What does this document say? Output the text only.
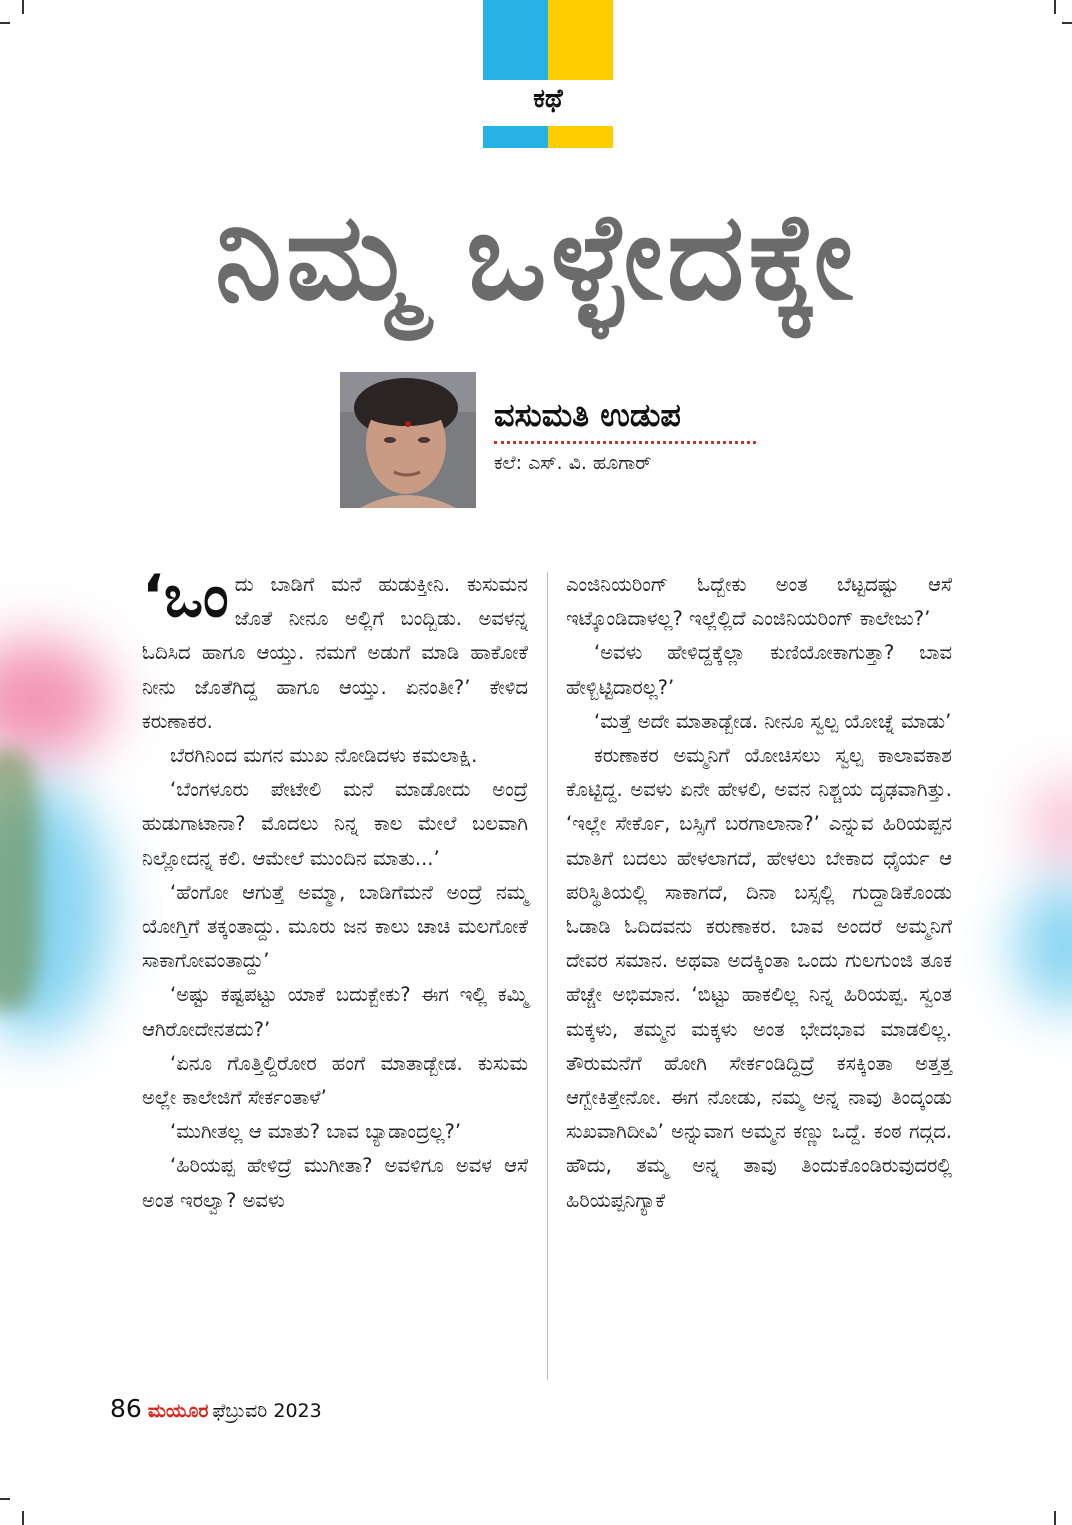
ಕಥೆ
ನಿಮ್ಮ ಒಳ್ಳೇದಕ್ಕೇ
ವಸುಮತಿ ಉಡುಪ
ಕಲೆ: ಎಸ್. ವಿ. ಹೂಗಾರ್
‘ಒಂ ದು ಬಾಡಿಗೆ ಮನೆ ಹುಡುಕ್ತೀನಿ. ಕುಸುಮನ ಜೊತೆ ನೀನೂ ಅಲ್ಲಿಗೆ ಬಂದ್ಬಿಡು. ಅವಳನ್ನ ಓದಿಸಿದ ಹಾಗೂ ಆಯ್ತು. ನಮಗೆ ಅಡುಗೆ ಮಾಡಿ ಹಾಕೋಕೆ ನೀನು ಜೊತೆಗಿದ್ದ ಹಾಗೂ ಆಯ್ತು. ಏನಂತೀ?’ ಕೇಳಿದ ಕರುಣಾಕರ.

ಬೆರಗಿನಿಂದ ಮಗನ ಮುಖ ನೋಡಿದಳು ಕಮಲಾಕ್ಷಿ.

‘ಬೆಂಗಳೂರು ಪೇಟೇಲಿ ಮನೆ ಮಾಡೋದು ಅಂದ್ರೆ ಹುಡುಗಾಟಾನಾ? ಮೊದಲು ನಿನ್ನ ಕಾಲ ಮೇಲೆ ಬಲವಾಗಿ ನಿಲ್ಲೋದನ್ನ ಕಲಿ. ಆಮೇಲೆ ಮುಂದಿನ ಮಾತು...’

‘ಹೆಂಗೋ ಆಗುತ್ತೆ ಅಮ್ಮಾ, ಬಾಡಿಗೆಮನೆ ಅಂದ್ರೆ ನಮ್ಮ ಯೋಗ್ತಿಗೆ ತಕ್ಕಂತಾದ್ದು. ಮೂರು ಜನ ಕಾಲು ಚಾಚಿ ಮಲಗೋಕೆ ಸಾಕಾಗೋವಂತಾದ್ದು’

‘ಅಷ್ಟು ಕಷ್ಟಪಟ್ಟು ಯಾಕೆ ಬದುಕ್ಬೇಕು? ಈಗ ಇಲ್ಲಿ ಕಮ್ಮಿ ಆಗಿರೋದೇನತದು?’

‘ಏನೂ ಗೊತ್ತಿಲ್ದಿರೋರ ಹಂಗೆ ಮಾತಾಡ್ಬೇಡ. ಕುಸುಮ ಅಲ್ಲೇ ಕಾಲೇಜಿಗೆ ಸೇರ್ಕಂತಾಳೆ’

‘ಮುಗೀತಲ್ಲ ಆ ಮಾತು? ಬಾವ ಬ್ಯಾಡಾಂದ್ರಲ್ಲ?’

‘ಹಿರಿಯಪ್ಪ ಹೇಳಿದ್ರೆ ಮುಗೀತಾ? ಅವಳಿಗೂ ಅವಳ ಆಸೆ ಅಂತ ಇರಲ್ವಾ? ಅವಳು

ಎಂಜಿನಿಯರಿಂಗ್ ಓದ್ಬೇಕು ಅಂತ ಬೆಟ್ಟದಷ್ಟು ಆಸೆ ಇಟ್ಕೊಂಡಿದಾಳಲ್ಲ? ಇಲ್ಲೆಲ್ಲಿದೆ ಎಂಜಿನಿಯರಿಂಗ್ ಕಾಲೇಜು?’

‘ಅವಳು ಹೇಳಿದ್ದಕ್ಕೆಲ್ಲಾ ಕುಣಿಯೋಕಾಗುತ್ತಾ? ಬಾವ ಹೇಳ್ಬಿಟ್ಟಿದಾರಲ್ಲ?’

‘ಮತ್ತೆ ಅದೇ ಮಾತಾಡ್ಬೇಡ. ನೀನೂ ಸ್ವಲ್ಪ ಯೋಚ್ನೆ ಮಾಡು’

ಕರುಣಾಕರ ಅಮ್ಮನಿಗೆ ಯೋಚಿಸಲು ಸ್ವಲ್ಪ ಕಾಲಾವಕಾಶ ಕೊಟ್ಟಿದ್ದ. ಅವಳು ಏನೇ ಹೇಳಲಿ, ಅವನ ನಿಶ್ಚಯ ದೃಢವಾಗಿತ್ತು. ‘ಇಲ್ಲೇ ಸೇರ್ಕೊ, ಬಸ್ಸಿಗೆ ಬರಗಾಲಾನಾ?’ ಎನ್ನುವ ಹಿರಿಯಪ್ಪನ ಮಾತಿಗೆ ಬದಲು ಹೇಳಲಾಗದೆ, ಹೇಳಲು ಬೇಕಾದ ಧೈರ್ಯ ಆ ಪರಿಸ್ಥಿತಿಯಲ್ಲಿ ಸಾಕಾಗದೆ, ದಿನಾ ಬಸ್ಸಲ್ಲಿ ಗುದ್ದಾಡಿಕೊಂಡು ಓಡಾಡಿ ಓದಿದವನು ಕರುಣಾಕರ. ಬಾವ ಅಂದರೆ ಅಮ್ಮನಿಗೆ ದೇವರ ಸಮಾನ. ಅಥವಾ ಅದಕ್ಕಿಂತಾ ಒಂದು ಗುಲಗುಂಜಿ ತೂಕ ಹೆಚ್ಚೇ ಅಭಿಮಾನ. ‘ಬಿಟ್ಟು ಹಾಕಲಿಲ್ಲ ನಿನ್ನ ಹಿರಿಯಪ್ಪ. ಸ್ವಂತ ಮಕ್ಕಳು, ತಮ್ಮನ ಮಕ್ಕಳು ಅಂತ ಭೇದಭಾವ ಮಾಡಲಿಲ್ಲ. ತೌರುಮನೆಗೆ ಹೋಗಿ ಸೇರ್ಕಂಡಿದ್ದಿದ್ರೆ ಕಸಕ್ಕಿಂತಾ ಅತ್ತತ್ತ ಆಗ್ಬೇಕಿತ್ತೇನೋ. ಈಗ ನೋಡು, ನಮ್ಮ ಅನ್ನ ನಾವು ತಿಂದ್ಕಂಡು ಸುಖವಾಗಿದೀವಿ’ ಅನ್ನುವಾಗ ಅಮ್ಮನ ಕಣ್ಣು ಒದ್ದೆ. ಕಂಠ ಗದ್ಗದ. ಹೌದು, ತಮ್ಮ ಅನ್ನ ತಾವು ತಿಂದುಕೊಂಡಿರುವುದರಲ್ಲಿ ಹಿರಿಯಪ್ಪನಿಗ್ಯಾಕೆ

86 ಮಯೂರ ಫೆಬ್ರುವರಿ 2023
